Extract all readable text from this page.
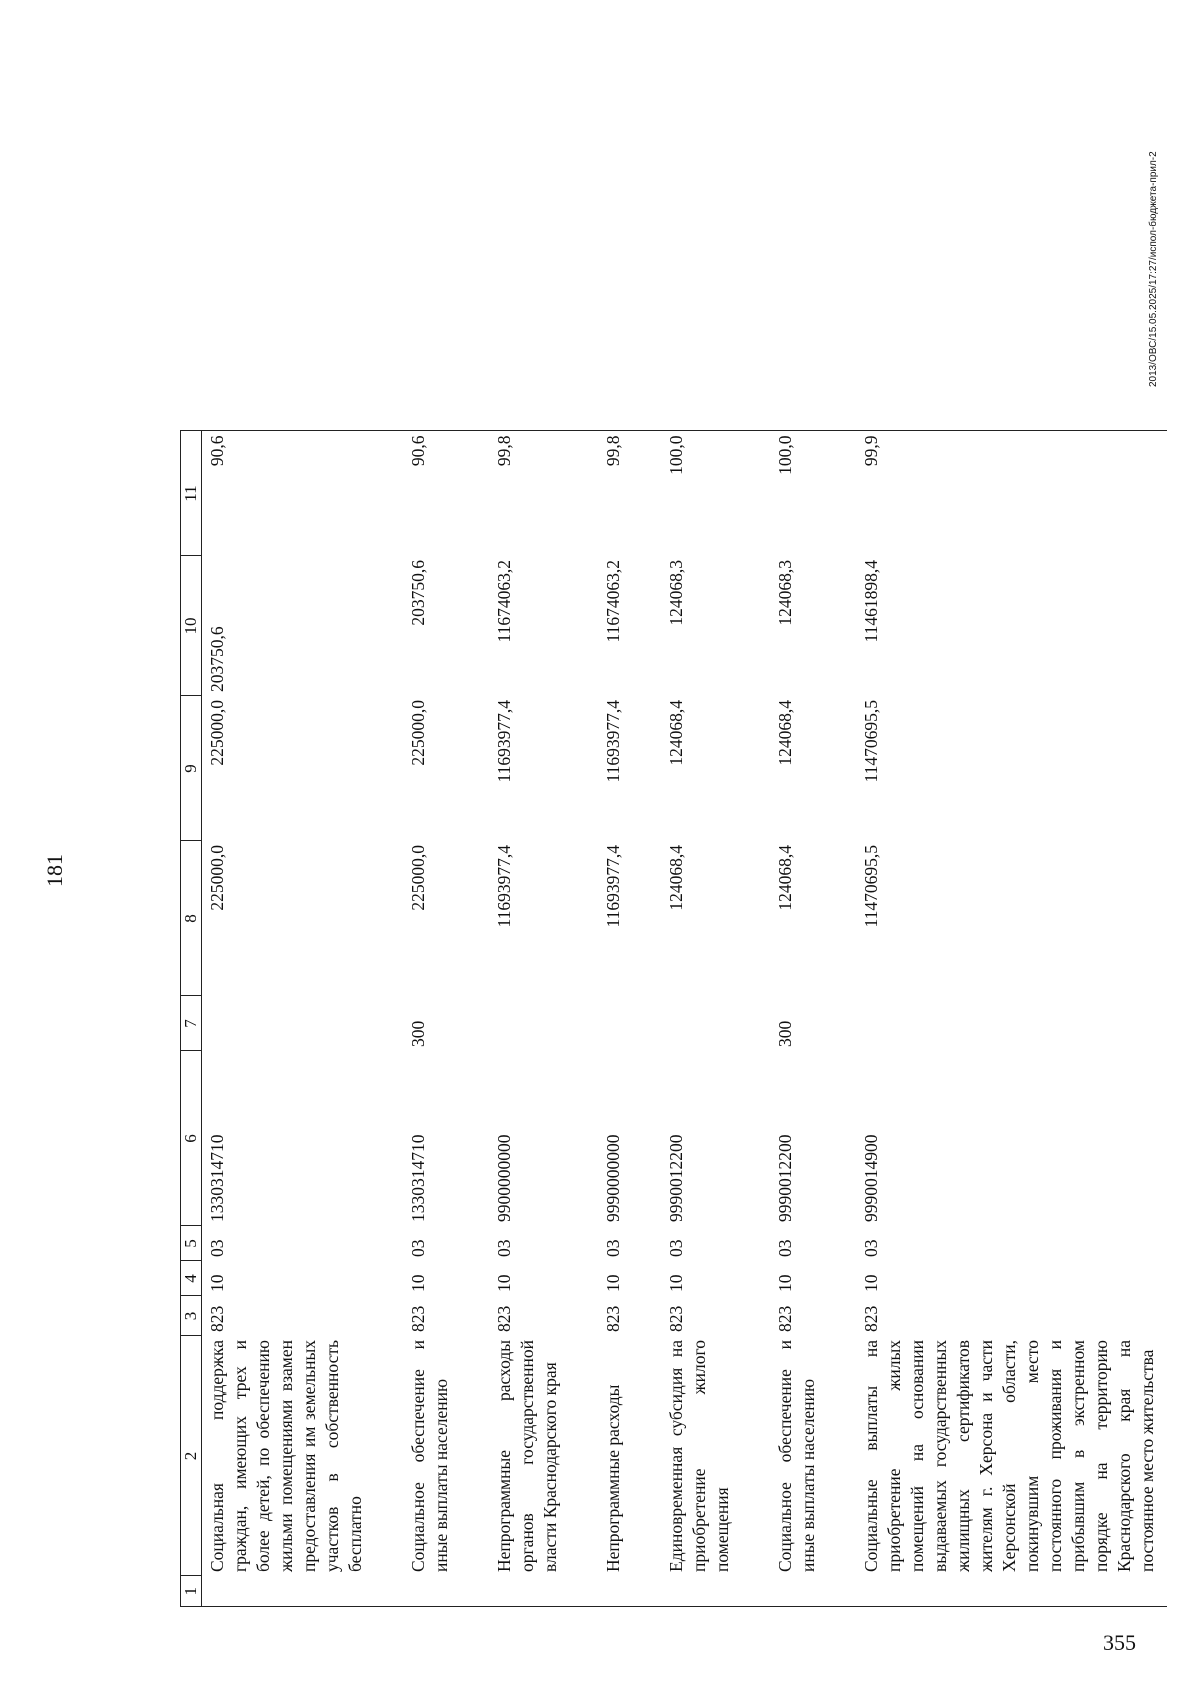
355
181
1	2	3	4	5	6	7	8	9	10	11
	Социальная поддержка граждан, имеющих трех и более детей, по обеспечению жильми помещениями взамен предоставления им земельных участков в собственность бесплатно	823	10	03	1330314710		225000,0	225000,0	203750,6	90,6
	Социальное обеспечение и иные выплаты населению	823	10	03	1330314710	300	225000,0	225000,0	203750,6	90,6
	Непрограммные расходы органов государственной власти Краснодарского края	823	10	03	9900000000		11693977,4	11693977,4	11674063,2	99,8
	Непрограммные расходы	823	10	03	9990000000		11693977,4	11693977,4	11674063,2	99,8
	Единовременная субсидия на приобретение жилого помещения	823	10	03	9990012200		124068,4	124068,4	124068,3	100,0
	Социальное обеспечение и иные выплаты населению	823	10	03	9990012200	300	124068,4	124068,4	124068,3	100,0
	Социальные выплаты на приобретение жилых помещений на основании выдаваемых государственных жилищных сертификатов жителям г. Херсона и части Херсонской области, покинувшим место постоянного проживания и прибывшим в экстренном порядке на территорию Краснодарского края на постоянное место жительства	823	10	03	9990014900		11470695,5	11470695,5	11461898,4	99,9
2013/ОВС/15.05.2025/17:27/испол-бюджета-прил-2
